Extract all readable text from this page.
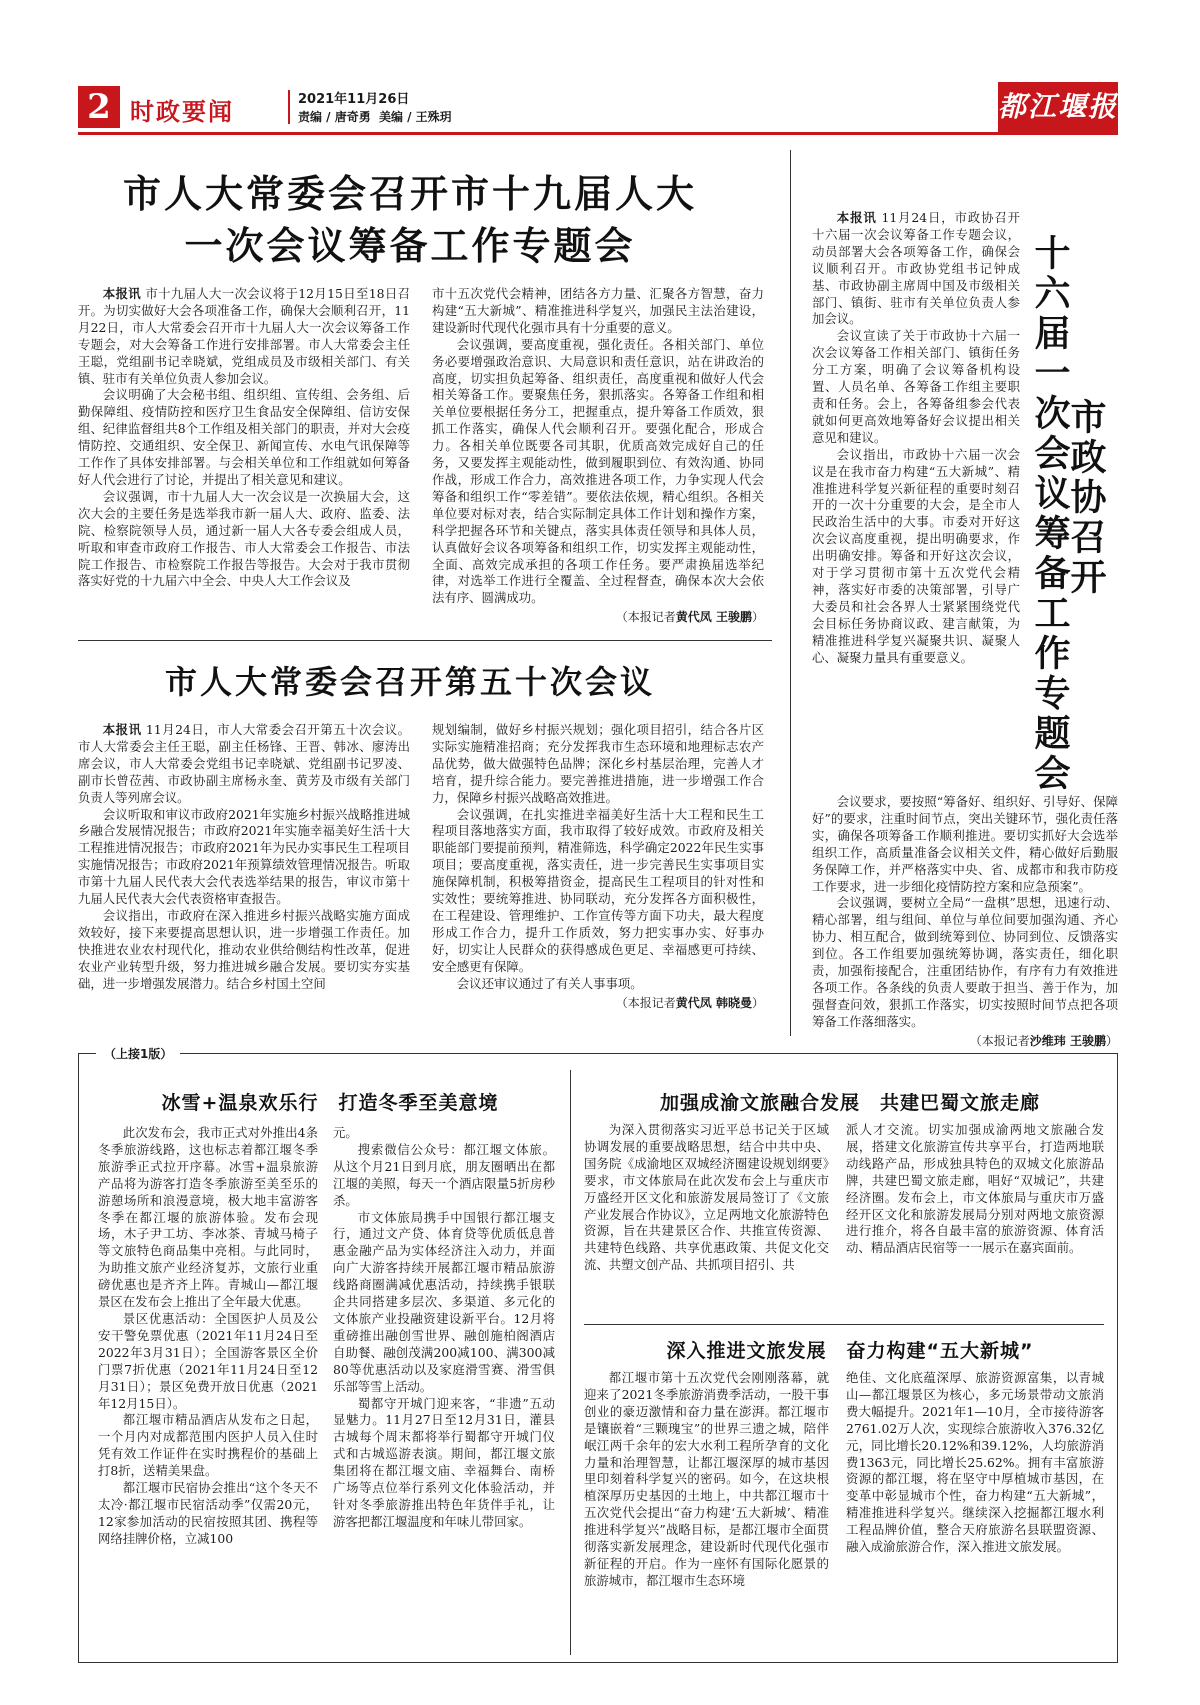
2 时政要闻	2021年11月26日
责编 / 唐奇勇 美编 / 王殊玥	都江堰报
市人大常委会召开市十九届人大
一次会议筹备工作专题会

本报讯 市十九届人大一次会议将于12月15日至18日召开。为切实做好大会各项准备工作，确保大会顺利召开，11月22日，市人大常委会召开市十九届人大一次会议筹备工作专题会，对大会筹备工作进行安排部署。市人大常委会主任王聪，党组副书记幸晓斌，党组成员及市级相关部门、有关镇、驻市有关单位负责人参加会议。

会议明确了大会秘书组、组织组、宣传组、会务组、后勤保障组、疫情防控和医疗卫生食品安全保障组、信访安保组、纪律监督组共8个工作组及相关部门的职责，并对大会疫情防控、交通组织、安全保卫、新闻宣传、水电气讯保障等工作作了具体安排部署。与会相关单位和工作组就如何筹备好人代会进行了讨论，并提出了相关意见和建议。

会议强调，市十九届人大一次会议是一次换届大会，这次大会的主要任务是选举我市新一届人大、政府、监委、法院、检察院领导人员，通过新一届人大各专委会组成人员，听取和审查市政府工作报告、市人大常委会工作报告、市法院工作报告、市检察院工作报告等报告。大会对于我市贯彻落实好党的十九届六中全会、中央人大工作会议及

市十五次党代会精神，团结各方力量、汇聚各方智慧，奋力构建“五大新城”、精准推进科学复兴，加强民主法治建设，建设新时代现代化强市具有十分重要的意义。

会议强调，要高度重视，强化责任。各相关部门、单位务必要增强政治意识、大局意识和责任意识，站在讲政治的高度，切实担负起筹备、组织责任，高度重视和做好人代会相关筹备工作。要聚焦任务，狠抓落实。各筹备工作组和相关单位要根据任务分工，把握重点，提升筹备工作质效，狠抓工作落实，确保人代会顺利召开。要强化配合，形成合力。各相关单位既要各司其职，优质高效完成好自己的任务，又要发挥主观能动性，做到履职到位、有效沟通、协同作战，形成工作合力，高效推进各项工作，力争实现人代会筹备和组织工作“零差错”。要依法依规，精心组织。各相关单位要对标对表，结合实际制定具体工作计划和操作方案，科学把握各环节和关键点，落实具体责任领导和具体人员，认真做好会议各项筹备和组织工作，切实发挥主观能动性，全面、高效完成承担的各项工作任务。要严肃换届选举纪律，对选举工作进行全覆盖、全过程督查，确保本次大会依法有序、圆满成功。

（本报记者黄代凤 王骏鹏）
市人大常委会召开第五十次会议

本报讯 11月24日，市人大常委会召开第五十次会议。市人大常委会主任王聪，副主任杨锋、王晋、韩冰、廖涛出席会议，市人大常委会党组书记幸晓斌、党组副书记罗凌、副市长曾莅茜、市政协副主席杨永奎、黄芳及市级有关部门负责人等列席会议。

会议听取和审议市政府2021年实施乡村振兴战略推进城乡融合发展情况报告；市政府2021年实施幸福美好生活十大工程推进情况报告；市政府2021年为民办实事民生工程项目实施情况报告；市政府2021年预算绩效管理情况报告。听取市第十九届人民代表大会代表选举结果的报告，审议市第十九届人民代表大会代表资格审查报告。

会议指出，市政府在深入推进乡村振兴战略实施方面成效较好，接下来要提高思想认识，进一步增强工作责任。加快推进农业农村现代化，推动农业供给侧结构性改革，促进农业产业转型升级，努力推进城乡融合发展。要切实夯实基础，进一步增强发展潜力。结合乡村国土空间

规划编制，做好乡村振兴规划；强化项目招引，结合各片区实际实施精准招商；充分发挥我市生态环境和地理标志农产品优势，做大做强特色品牌；深化乡村基层治理，完善人才培育，提升综合能力。要完善推进措施，进一步增强工作合力，保障乡村振兴战略高效推进。

会议强调，在扎实推进幸福美好生活十大工程和民生工程项目落地落实方面，我市取得了较好成效。市政府及相关职能部门要提前预判，精准筛选，科学确定2022年民生实事项目；要高度重视，落实责任，进一步完善民生实事项目实施保障机制，积极筹措资金，提高民生工程项目的针对性和实效性；要统筹推进、协同联动，充分发挥各方面积极性，在工程建设、管理维护、工作宣传等方面下功夫，最大程度形成工作合力，提升工作质效，努力把实事办实、好事办好，切实让人民群众的获得感成色更足、幸福感更可持续、安全感更有保障。

会议还审议通过了有关人事事项。

（本报记者黄代凤 韩晓曼）
市政协召开
十六届一次会议筹备工作专题会

本报讯 11月24日，市政协召开十六届一次会议筹备工作专题会议，动员部署大会各项筹备工作，确保会议顺利召开。市政协党组书记钟成基、市政协副主席周中国及市级相关部门、镇街、驻市有关单位负责人参加会议。

会议宣读了关于市政协十六届一次会议筹备工作相关部门、镇街任务分工方案，明确了会议筹备机构设置、人员名单、各筹备工作组主要职责和任务。会上，各筹备组参会代表就如何更高效地筹备好会议提出相关意见和建议。

会议指出，市政协十六届一次会议是在我市奋力构建“五大新城”、精准推进科学复兴新征程的重要时刻召开的一次十分重要的大会，是全市人民政治生活中的大事。市委对开好这次会议高度重视，提出明确要求，作出明确安排。筹备和开好这次会议，对于学习贯彻市第十五次党代会精神，落实好市委的决策部署，引导广大委员和社会各界人士紧紧围绕党代会目标任务协商议政、建言献策，为精准推进科学复兴凝聚共识、凝聚人心、凝聚力量具有重要意义。

会议要求，要按照“筹备好、组织好、引导好、保障好”的要求，注重时间节点，突出关键环节，强化责任落实，确保各项筹备工作顺利推进。要切实抓好大会选举组织工作，高质量准备会议相关文件，精心做好后勤服务保障工作，并严格落实中央、省、成都市和我市防疫工作要求，进一步细化疫情防控方案和应急预案”。

会议强调，要树立全局“一盘棋”思想，迅速行动、精心部署，组与组间、单位与单位间要加强沟通、齐心协力、相互配合，做到统筹到位、协同到位、反馈落实到位。各工作组要加强统筹协调，落实责任，细化职责，加强衔接配合，注重团结协作，有序有力有效推进各项工作。各条线的负责人要敢于担当、善于作为，加强督查问效，狠抓工作落实，切实按照时间节点把各项筹备工作落细落实。

（本报记者沙维玮 王骏鹏）
（上接1版）
冰雪+温泉欢乐行　打造冬季至美意境

此次发布会，我市正式对外推出4条冬季旅游线路，这也标志着都江堰冬季旅游季正式拉开序幕。冰雪+温泉旅游产品将为游客打造冬季旅游至美至乐的游憩场所和浪漫意境，极大地丰富游客冬季在都江堰的旅游体验。发布会现场，木子尹工坊、李冰茶、青城马椅子等文旅特色商品集中亮相。与此同时，为助推文旅产业经济复苏，文旅行业重磅优惠也是齐齐上阵。青城山—都江堰景区在发布会上推出了全年最大优惠。

景区优惠活动：全国医护人员及公安干警免票优惠（2021年11月24日至2022年3月31日）；全国游客景区全价门票7折优惠（2021年11月24日至12月31日）；景区免费开放日优惠（2021年12月15日）。

都江堰市精品酒店从发布之日起，一个月内对成都范围内医护人员入住时凭有效工作证件在实时携程价的基础上打8折，送精美果盘。

都江堰市民宿协会推出“这个冬天不太冷·都江堰市民宿活动季”仅需20元，12家参加活动的民宿按照其团、携程等网络挂牌价格，立减100

元。

搜索微信公众号：都江堰文体旅。从这个月21日到月底，朋友圈晒出在都江堰的美照，每天一个酒店限量5折房秒杀。

市文体旅局携手中国银行都江堰支行，通过文产贷、体育贷等优质低息普惠金融产品为实体经济注入动力，并面向广大游客持续开展都江堰市精品旅游线路商圈满减优惠活动，持续携手银联企共同搭建多层次、多渠道、多元化的文体旅产业投融资建设新平台。12月将重磅推出融创雪世界、融创施柏阁酒店自助餐、融创茂满200减100、满300减80等优惠活动以及家庭滑雪赛、滑雪俱乐部等雪上活动。

蜀都守开城门迎来客，“非遗”五动显魅力。11月27日至12月31日，灌县古城每个周末都将举行蜀都守开城门仪式和古城巡游表演。期间，都江堰文旅集团将在都江堰文庙、幸福舞台、南桥广场等点位举行系列文化体验活动，并针对冬季旅游推出特色年货伴手礼，让游客把都江堰温度和年味儿带回家。

加强成渝文旅融合发展　共建巴蜀文旅走廊

为深入贯彻落实习近平总书记关于区域协调发展的重要战略思想，结合中共中央、国务院《成渝地区双城经济圈建设规划纲要》要求，市文体旅局在此次发布会上与重庆市万盛经开区文化和旅游发展局签订了《文旅产业发展合作协议》，立足两地文化旅游特色资源，旨在共建景区合作、共推宣传资源、共建特色线路、共享优惠政策、共促文化交流、共塑文创产品、共抓项目招引、共

派人才交流。切实加强成渝两地文旅融合发展，搭建文化旅游宣传共享平台，打造两地联动线路产品，形成独具特色的双城文化旅游品牌，共建巴蜀文旅走廊，唱好“双城记”，共建经济圈。发布会上，市文体旅局与重庆市万盛经开区文化和旅游发展局分别对两地文旅资源进行推介，将各自最丰富的旅游资源、体育活动、精品酒店民宿等一一展示在嘉宾面前。

深入推进文旅发展　奋力构建“五大新城”

都江堰市第十五次党代会刚刚落幕，就迎来了2021冬季旅游消费季活动，一股干事创业的豪迈激情和奋力量在澎湃。都江堰市是镶嵌着“三颗瑰宝”的世界三遗之城，陪伴岷江两千余年的宏大水利工程所孕育的文化力量和治理智慧，让都江堰深厚的城市基因里印刻着科学复兴的密码。如今，在这块根植深厚历史基因的土地上，中共都江堰市十五次党代会提出“奋力构建‘五大新城’、精准推进科学复兴”战略目标，是都江堰市全面贯彻落实新发展理念，建设新时代现代化强市新征程的开启。作为一座怀有国际化愿景的旅游城市，都江堰市生态环境

绝佳、文化底蕴深厚、旅游资源富集，以青城山—都江堰景区为核心，多元场景带动文旅消费大幅提升。2021年1—10月，全市接待游客2761.02万人次，实现综合旅游收入376.32亿元，同比增长20.12%和39.12%，人均旅游消费1363元，同比增长25.62%。拥有丰富旅游资源的都江堰，将在坚守中厚植城市基因，在变革中彰显城市个性，奋力构建“五大新城”，精准推进科学复兴。继续深入挖掘都江堰水利工程品牌价值，整合天府旅游名县联盟资源、融入成渝旅游合作，深入推进文旅发展。
